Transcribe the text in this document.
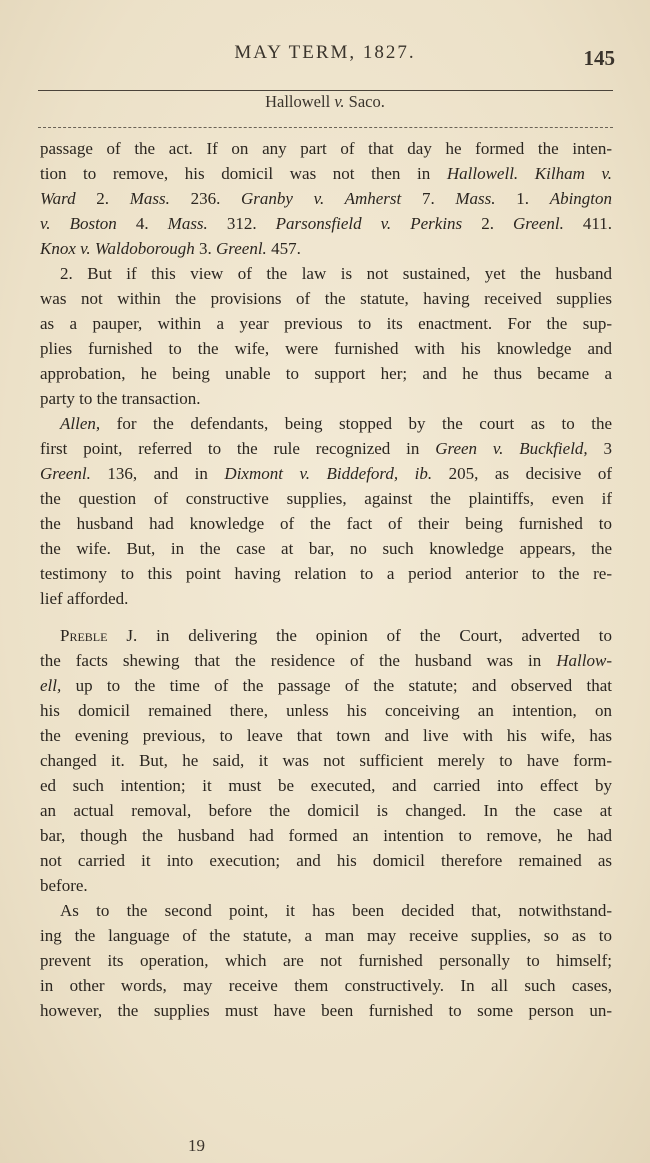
MAY TERM, 1827.	145
Hallowell v. Saco.
passage of the act. If on any part of that day he formed the inten-
tion to remove, his domicil was not then in Hallowell. Kilham v.
Ward 2. Mass. 236. Granby v. Amherst 7. Mass. 1. Abington
v. Boston 4. Mass. 312. Parsonsfield v. Perkins 2. Greenl. 411.
Knox v. Waldoborough 3. Greenl. 457.
2. But if this view of the law is not sustained, yet the husband
was not within the provisions of the statute, having received supplies
as a pauper, within a year previous to its enactment. For the sup-
plies furnished to the wife, were furnished with his knowledge and
approbation, he being unable to support her; and he thus became a
party to the transaction.
Allen, for the defendants, being stopped by the court as to the
first point, referred to the rule recognized in Green v. Buckfield, 3
Greenl. 136, and in Dixmont v. Biddeford, ib. 205, as decisive of
the question of constructive supplies, against the plaintiffs, even if
the husband had knowledge of the fact of their being furnished to
the wife. But, in the case at bar, no such knowledge appears, the
testimony to this point having relation to a period anterior to the re-
lief afforded.
Preble J. in delivering the opinion of the Court, adverted to
the facts shewing that the residence of the husband was in Hallow-
ell, up to the time of the passage of the statute; and observed that
his domicil remained there, unless his conceiving an intention, on
the evening previous, to leave that town and live with his wife, has
changed it. But, he said, it was not sufficient merely to have form-
ed such intention; it must be executed, and carried into effect by
an actual removal, before the domicil is changed. In the case at
bar, though the husband had formed an intention to remove, he had
not carried it into execution; and his domicil therefore remained as
before.
As to the second point, it has been decided that, notwithstand-
ing the language of the statute, a man may receive supplies, so as to
prevent its operation, which are not furnished personally to himself;
in other words, may receive them constructively. In all such cases,
however, the supplies must have been furnished to some person un-
19
